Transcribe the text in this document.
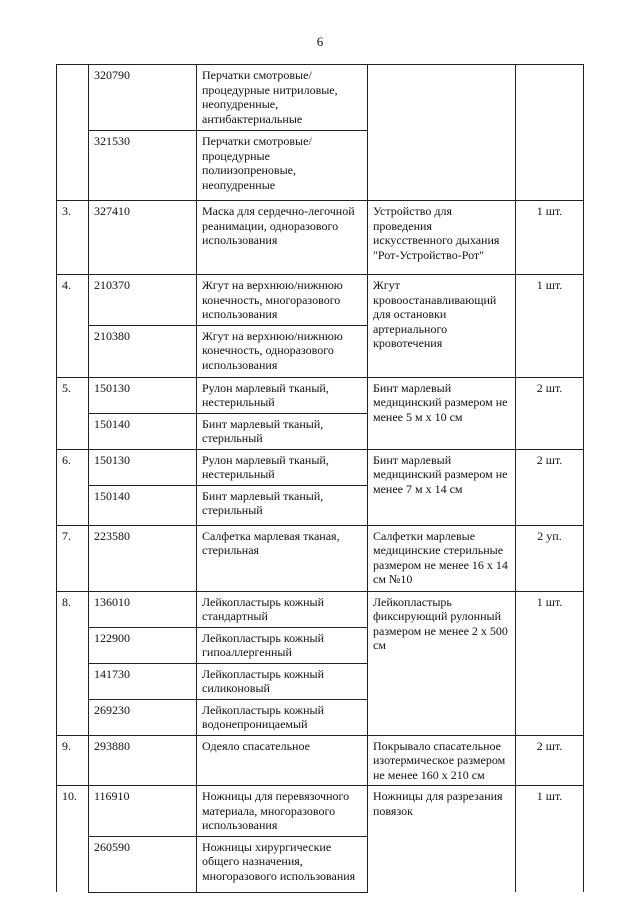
6
	320790	Перчатки смотровые/процедурные нитриловые, неопудренные, антибактериальные		
	321530	Перчатки смотровые/процедурные полиизопреновые, неопудренные		
3.	327410	Маска для сердечно-легочной реанимации, одноразового использования	Устройство для проведения искусственного дыхания "Рот-Устройство-Рот"	1 шт.
4.	210370	Жгут на верхнюю/нижнюю конечность, многоразового использования	Жгут кровоостанавливающий для остановки артериального кровотечения	1 шт.
	210380	Жгут на верхнюю/нижнюю конечность, одноразового использования		
5.	150130	Рулон марлевый тканый, нестерильный	Бинт марлевый медицинский размером не менее 5 м х 10 см	2 шт.
	150140	Бинт марлевый тканый, стерильный		
6.	150130	Рулон марлевый тканый, нестерильный	Бинт марлевый медицинский размером не менее 7 м х 14 см	2 шт.
	150140	Бинт марлевый тканый, стерильный		
7.	223580	Салфетка марлевая тканая, стерильная	Салфетки марлевые медицинские стерильные размером не менее 16 х 14 см №10	2 уп.
8.	136010	Лейкопластырь кожный стандартный	Лейкопластырь фиксирующий рулонный размером не менее 2 х 500 см	1 шт.
	122900	Лейкопластырь кожный гипоаллергенный		
	141730	Лейкопластырь кожный силиконовый		
	269230	Лейкопластырь кожный водонепроницаемый		
9.	293880	Одеяло спасательное	Покрывало спасательное изотермическое размером не менее 160 х 210 см	2 шт.
10.	116910	Ножницы для перевязочного материала, многоразового использования	Ножницы для разрезания повязок	1 шт.
	260590	Ножницы хирургические общего назначения, многоразового использования		
